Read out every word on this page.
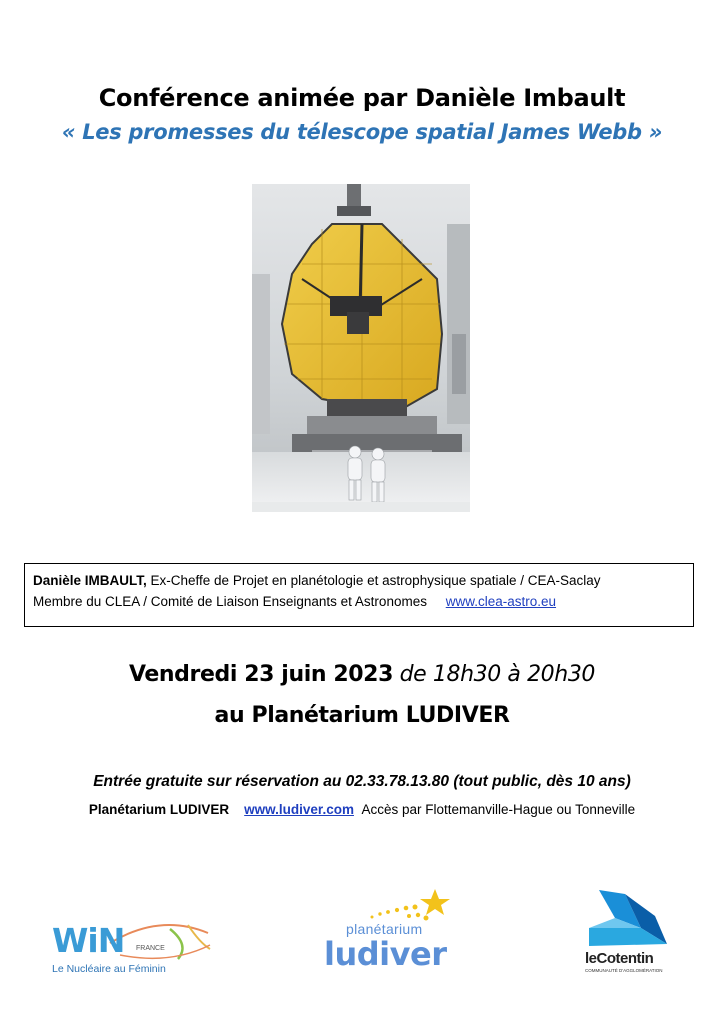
Conférence animée par Danièle Imbault
« Les promesses du télescope spatial James Webb »
Danièle IMBAULT, Ex-Cheffe de Projet en planétologie et astrophysique spatiale / CEA-Saclay
Membre du CLEA / Comité de Liaison Enseignants et Astronomes www.clea-astro.eu
Vendredi 23 juin 2023 de 18h30 à 20h30
au Planétarium LUDIVER
Entrée gratuite sur réservation au 02.33.78.13.80 (tout public, dès 10 ans)
Planétarium LUDIVER www.ludiver.com Accès par Flottemanville-Hague ou Tonneville
WiN FRANCE
Le Nucléaire au Féminin
planétarium
ludiver	leCotentin
COMMUNAUTÉ D'AGGLOMÉRATION
